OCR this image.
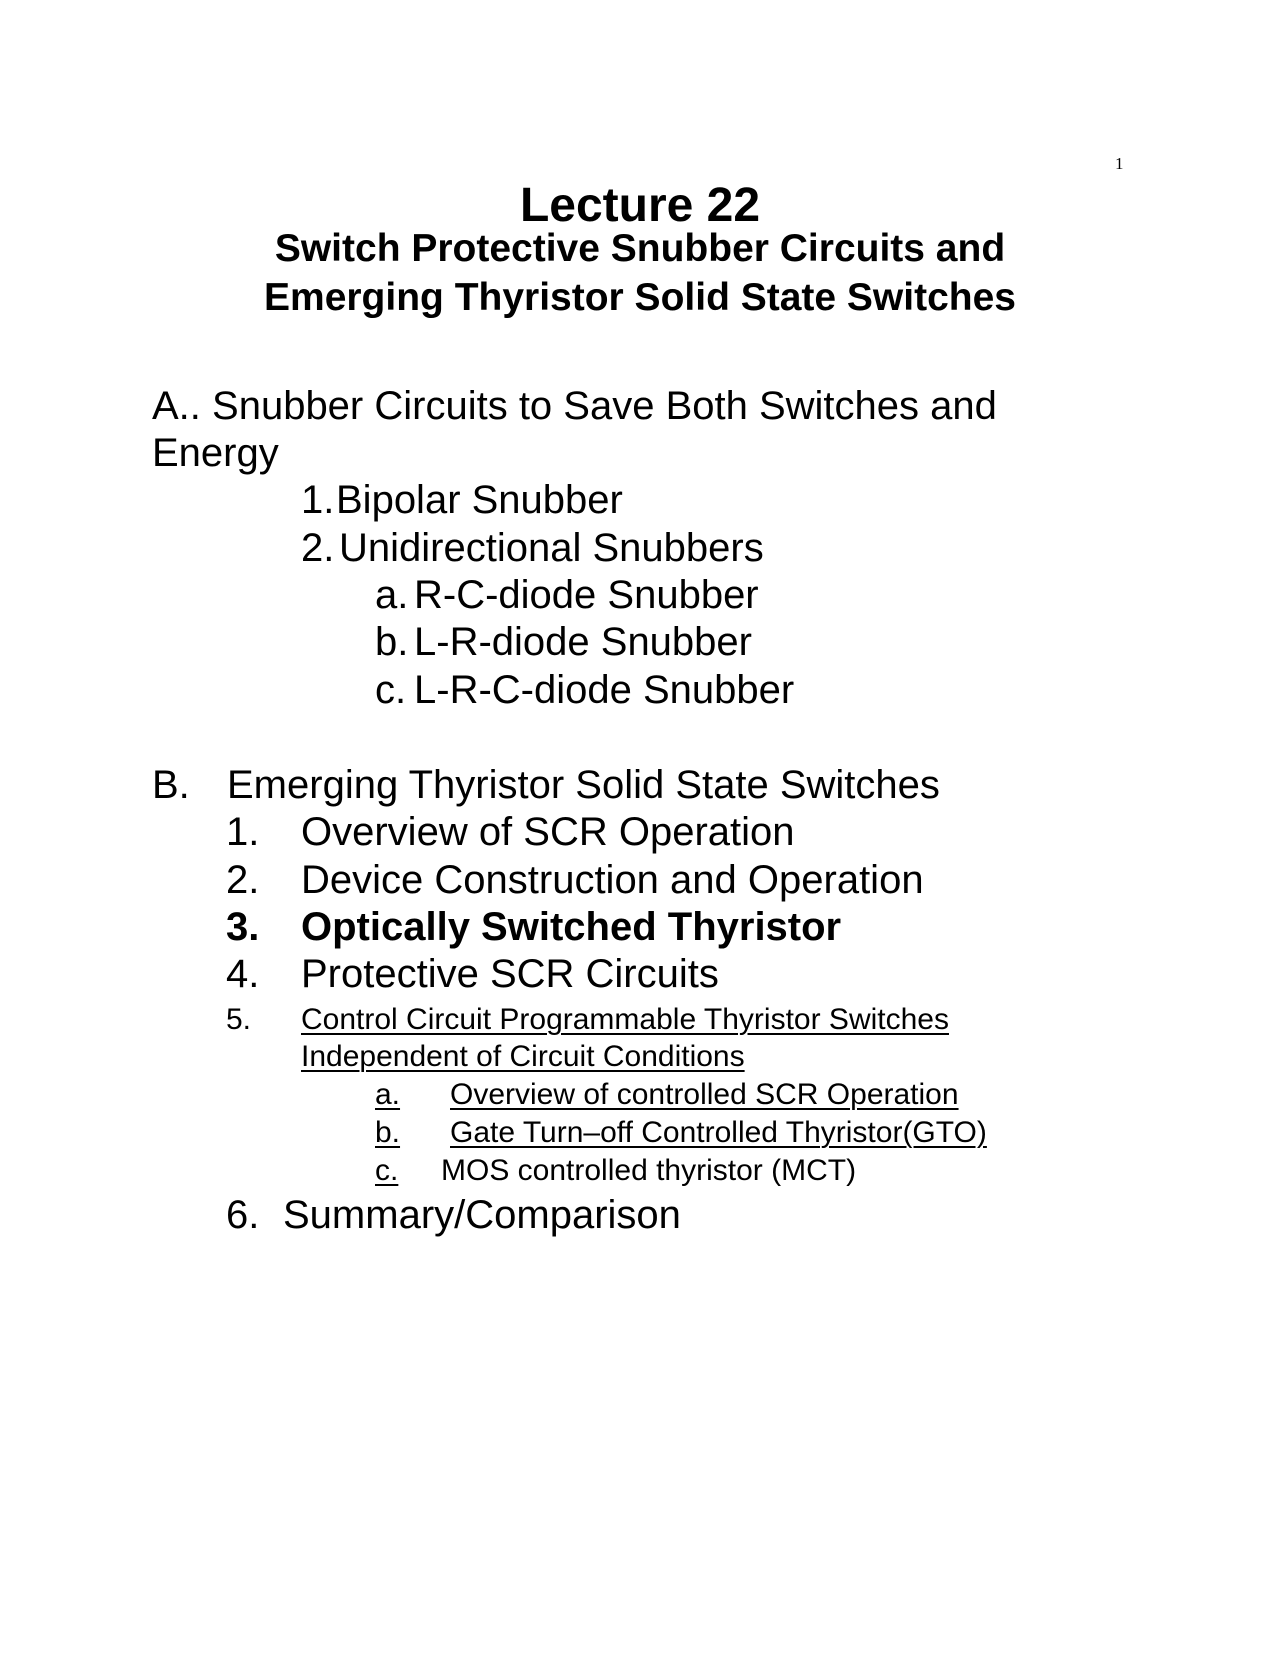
1
Lecture 22
Switch Protective Snubber Circuits and
Emerging Thyristor Solid State Switches
A.. Snubber Circuits to Save Both Switches and
Energy
1.Bipolar Snubber
2. Unidirectional Snubbers
a. R-C-diode Snubber
b. L-R-diode Snubber
c. L-R-C-diode Snubber
B. Emerging Thyristor Solid State Switches
1. Overview of SCR Operation
2. Device Construction and Operation
3. Optically Switched Thyristor
4. Protective SCR Circuits
5. Control Circuit Programmable Thyristor Switches
Independent of Circuit Conditions
a. Overview of controlled SCR Operation
b. Gate Turn–off Controlled Thyristor(GTO)
c. MOS controlled thyristor (MCT)
6. Summary/Comparison
